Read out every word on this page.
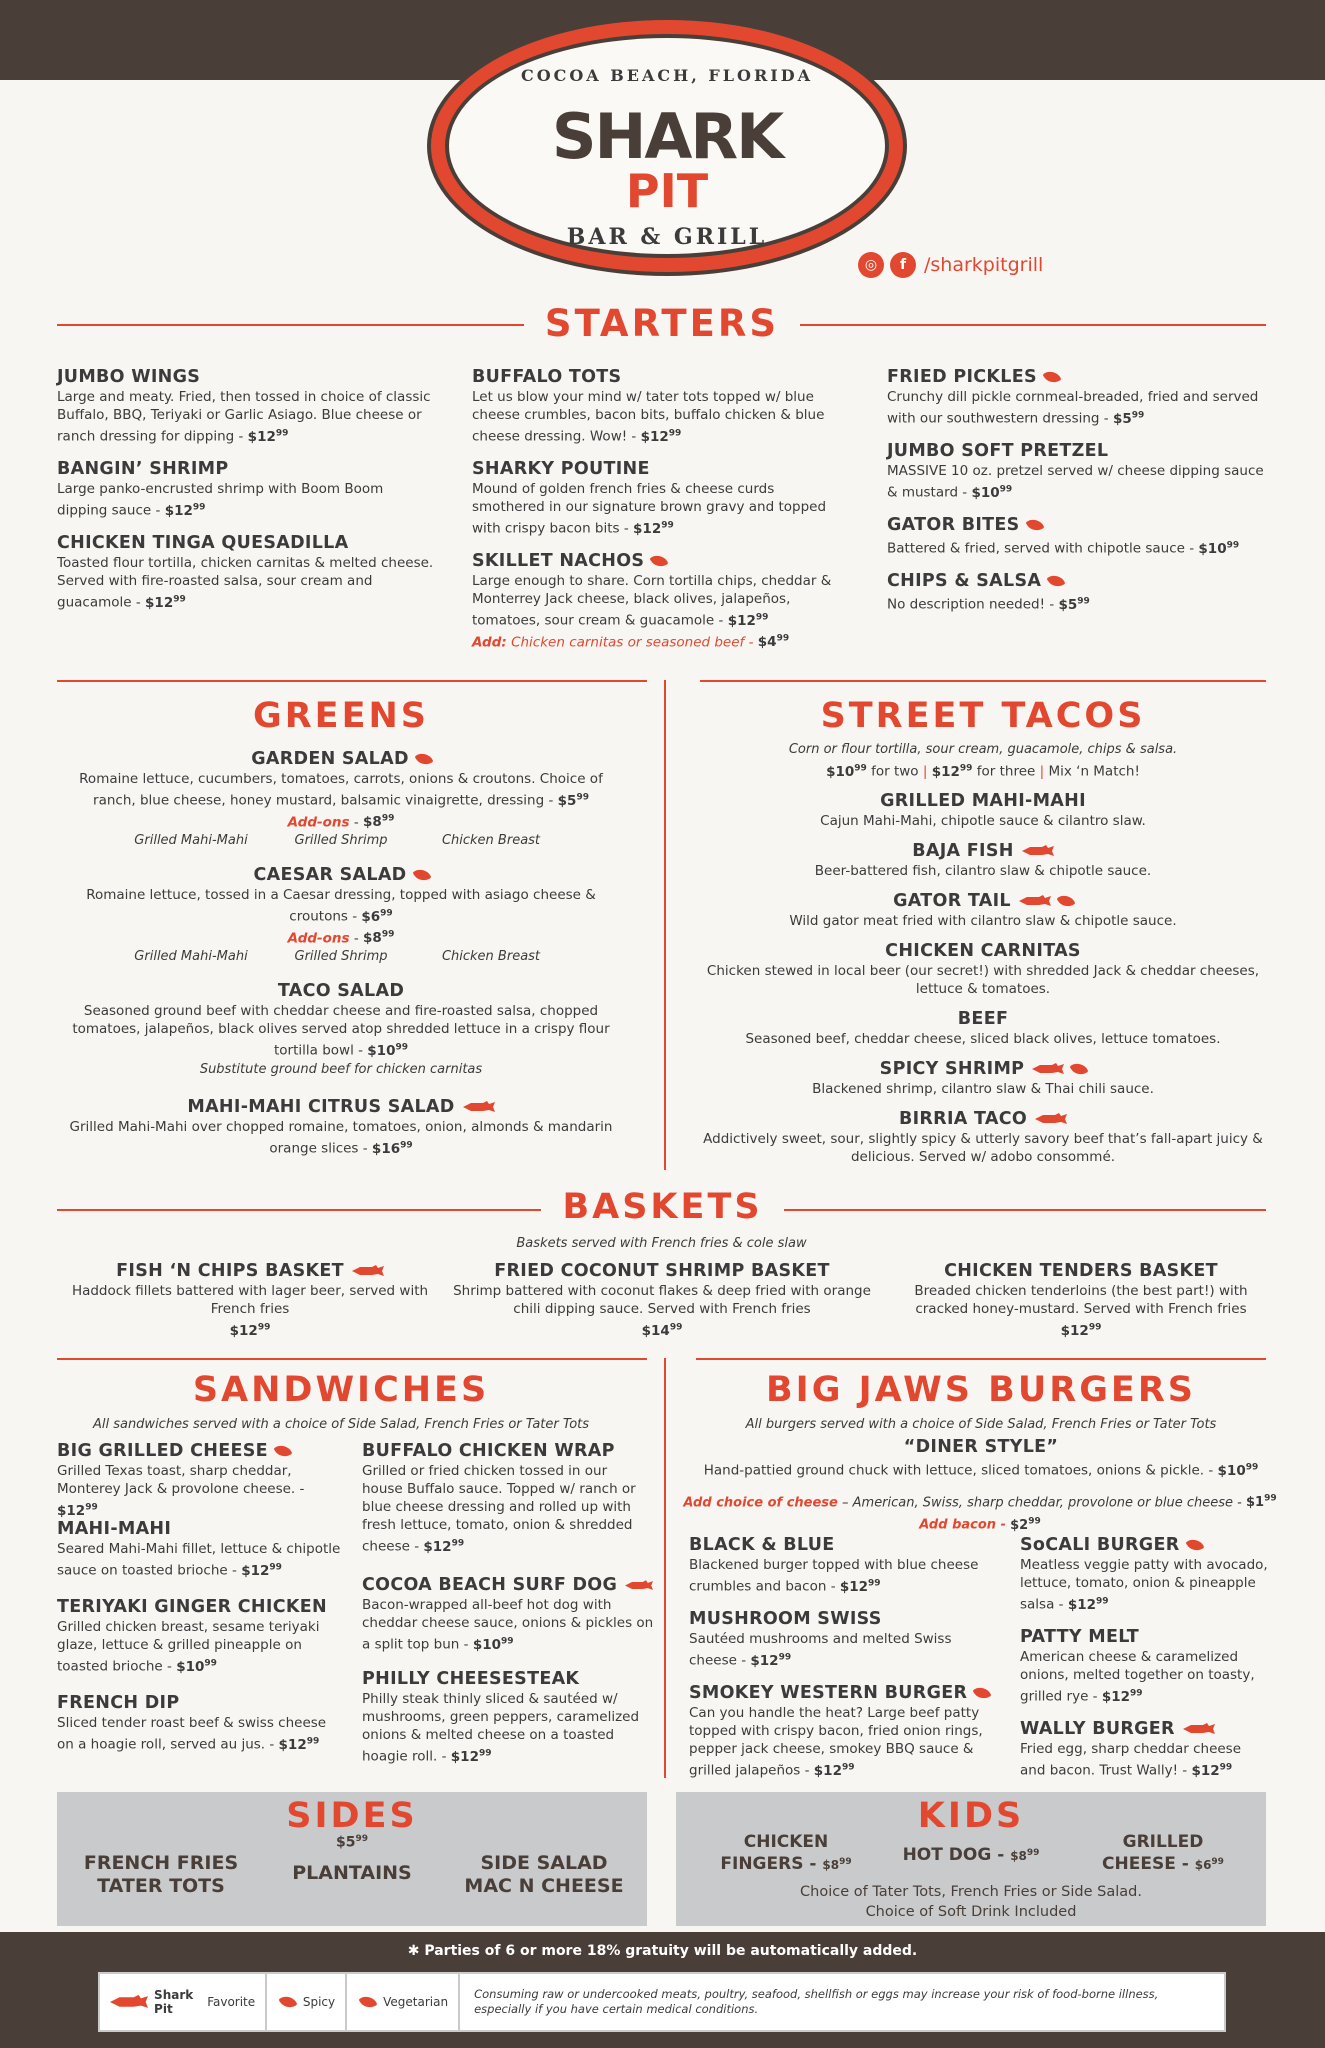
COCOA BEACH, FLORIDA
SHARK
PIT
BAR & GRILL
◎	f /sharkpitgrill
STARTERS
JUMBO WINGS
Large and meaty. Fried, then tossed in choice of classic Buffalo, BBQ, Teriyaki or Garlic Asiago. Blue cheese or ranch dressing for dipping - $\$12^{99}$
BANGIN’ SHRIMP
Large panko-encrusted shrimp with Boom Boom dipping sauce - $\$12^{99}$
CHICKEN TINGA QUESADILLA
Toasted flour tortilla, chicken carnitas & melted cheese. Served with fire-roasted salsa, sour cream and guacamole - $\$12^{99}$
BUFFALO TOTS
Let us blow your mind w/ tater tots topped w/ blue cheese crumbles, bacon bits, buffalo chicken & blue cheese dressing. Wow! - $\$12^{99}$
SHARKY POUTINE
Mound of golden french fries & cheese curds smothered in our signature brown gravy and topped with crispy bacon bits - $\$12^{99}$
SKILLET NACHOS
Large enough to share. Corn tortilla chips, cheddar & Monterrey Jack cheese, black olives, jalapeños, tomatoes, sour cream & guacamole - $\$12^{99}$
Add: Chicken carnitas or seasoned beef - $\$4^{99}$
FRIED PICKLES
Crunchy dill pickle cornmeal-breaded, fried and served with our southwestern dressing - $\$5^{99}$
JUMBO SOFT PRETZEL
MASSIVE 10 oz. pretzel served w/ cheese dipping sauce & mustard - $\$10^{99}$
GATOR BITES
Battered & fried, served with chipotle sauce - $\$10^{99}$
CHIPS & SALSA
No description needed! - $\$5^{99}$
GREENS
GARDEN SALAD
Romaine lettuce, cucumbers, tomatoes, carrots, onions & croutons. Choice of ranch, blue cheese, honey mustard, balsamic vinaigrette, dressing - $\$5^{99}$
$Add-ons - \$8^{99}$
Grilled Mahi-Mahi	Grilled Shrimp	Chicken Breast
CAESAR SALAD
Romaine lettuce, tossed in a Caesar dressing, topped with asiago cheese & croutons - $\$6^{99}$
$Add-ons - \$8^{99}$
Grilled Mahi-Mahi	Grilled Shrimp	Chicken Breast
TACO SALAD
Seasoned ground beef with cheddar cheese and fire-roasted salsa, chopped tomatoes, jalapeños, black olives served atop shredded lettuce in a crispy flour tortilla bowl - $\$10^{99}$
Substitute ground beef for chicken carnitas
MAHI-MAHI CITRUS SALAD
Grilled Mahi-Mahi over chopped romaine, tomatoes, onion, almonds & mandarin orange slices - $\$16^{99}$
STREET TACOS
Corn or flour tortilla, sour cream, guacamole, chips & salsa.
$\$10^{99}$ for two | $\$12^{99}$ for three | Mix ‘n Match!
GRILLED MAHI-MAHI
Cajun Mahi-Mahi, chipotle sauce & cilantro slaw.
BAJA FISH
Beer-battered fish, cilantro slaw & chipotle sauce.
GATOR TAIL
Wild gator meat fried with cilantro slaw & chipotle sauce.
CHICKEN CARNITAS
Chicken stewed in local beer (our secret!) with shredded Jack & cheddar cheeses, lettuce & tomatoes.
BEEF
Seasoned beef, cheddar cheese, sliced black olives, lettuce tomatoes.
SPICY SHRIMP
Blackened shrimp, cilantro slaw & Thai chili sauce.
BIRRIA TACO
Addictively sweet, sour, slightly spicy & utterly savory beef that’s fall-apart juicy & delicious. Served w/ adobo consommé.
BASKETS
Baskets served with French fries & cole slaw
FISH ‘N CHIPS BASKET
Haddock fillets battered with lager beer, served with French fries
$\$12^{99}$
FRIED COCONUT SHRIMP BASKET
Shrimp battered with coconut flakes & deep fried with orange chili dipping sauce. Served with French fries
$\$14^{99}$
CHICKEN TENDERS BASKET
Breaded chicken tenderloins (the best part!) with cracked honey-mustard. Served with French fries
$\$12^{99}$
SANDWICHES
All sandwiches served with a choice of Side Salad, French Fries or Tater Tots
BIG GRILLED CHEESE
Grilled Texas toast, sharp cheddar, Monterey Jack & provolone cheese. - $\$12^{99}$
MAHI-MAHI
Seared Mahi-Mahi fillet, lettuce & chipotle sauce on toasted brioche - $\$12^{99}$
TERIYAKI GINGER CHICKEN
Grilled chicken breast, sesame teriyaki glaze, lettuce & grilled pineapple on toasted brioche - $\$10^{99}$
FRENCH DIP
Sliced tender roast beef & swiss cheese on a hoagie roll, served au jus. - $\$12^{99}$
BUFFALO CHICKEN WRAP
Grilled or fried chicken tossed in our house Buffalo sauce. Topped w/ ranch or blue cheese dressing and rolled up with fresh lettuce, tomato, onion & shredded cheese - $\$12^{99}$
COCOA BEACH SURF DOG
Bacon-wrapped all-beef hot dog with cheddar cheese sauce, onions & pickles on a split top bun - $\$10^{99}$
PHILLY CHEESESTEAK
Philly steak thinly sliced & sautéed w/ mushrooms, green peppers, caramelized onions & melted cheese on a toasted hoagie roll. - $\$12^{99}$
BIG JAWS BURGERS
All burgers served with a choice of Side Salad, French Fries or Tater Tots
“DINER STYLE”
Hand-pattied ground chuck with lettuce, sliced tomatoes, onions & pickle. - $\$10^{99}$
Add choice of cheese – American, Swiss, sharp cheddar, provolone or blue cheese - $\$1^{99}$
Add bacon - $\$2^{99}$
BLACK & BLUE
Blackened burger topped with blue cheese crumbles and bacon - $\$12^{99}$
MUSHROOM SWISS
Sautéed mushrooms and melted Swiss cheese - $\$12^{99}$
SMOKEY WESTERN BURGER
Can you handle the heat? Large beef patty topped with crispy bacon, fried onion rings, pepper jack cheese, smokey BBQ sauce & grilled jalapeños - $\$12^{99}$
SoCALI BURGER
Meatless veggie patty with avocado, lettuce, tomato, onion & pineapple salsa - $\$12^{99}$
PATTY MELT
American cheese & caramelized onions, melted together on toasty, grilled rye - $\$12^{99}$
WALLY BURGER
Fried egg, sharp cheddar cheese and bacon. Trust Wally! - $\$12^{99}$
SIDES
$\$5^{99}$
FRENCH FRIES
TATER TOTS
PLANTAINS	SIDE SALAD
MAC N CHEESE
KIDS
CHICKEN
FINGERS - $\$8^{99}$	HOT DOG - $\$8^{99}$
GRILLED
CHEESE - $\$6^{99}$
Choice of Tater Tots, French Fries or Side Salad.
Choice of Soft Drink Included
✱ Parties of 6 or more 18% gratuity will be automatically added.
Shark Pit	Favorite	Spicy	Vegetarian
Consuming raw or undercooked meats, poultry, seafood, shellfish or eggs may increase your risk of food-borne illness, especially if you have certain medical conditions.
